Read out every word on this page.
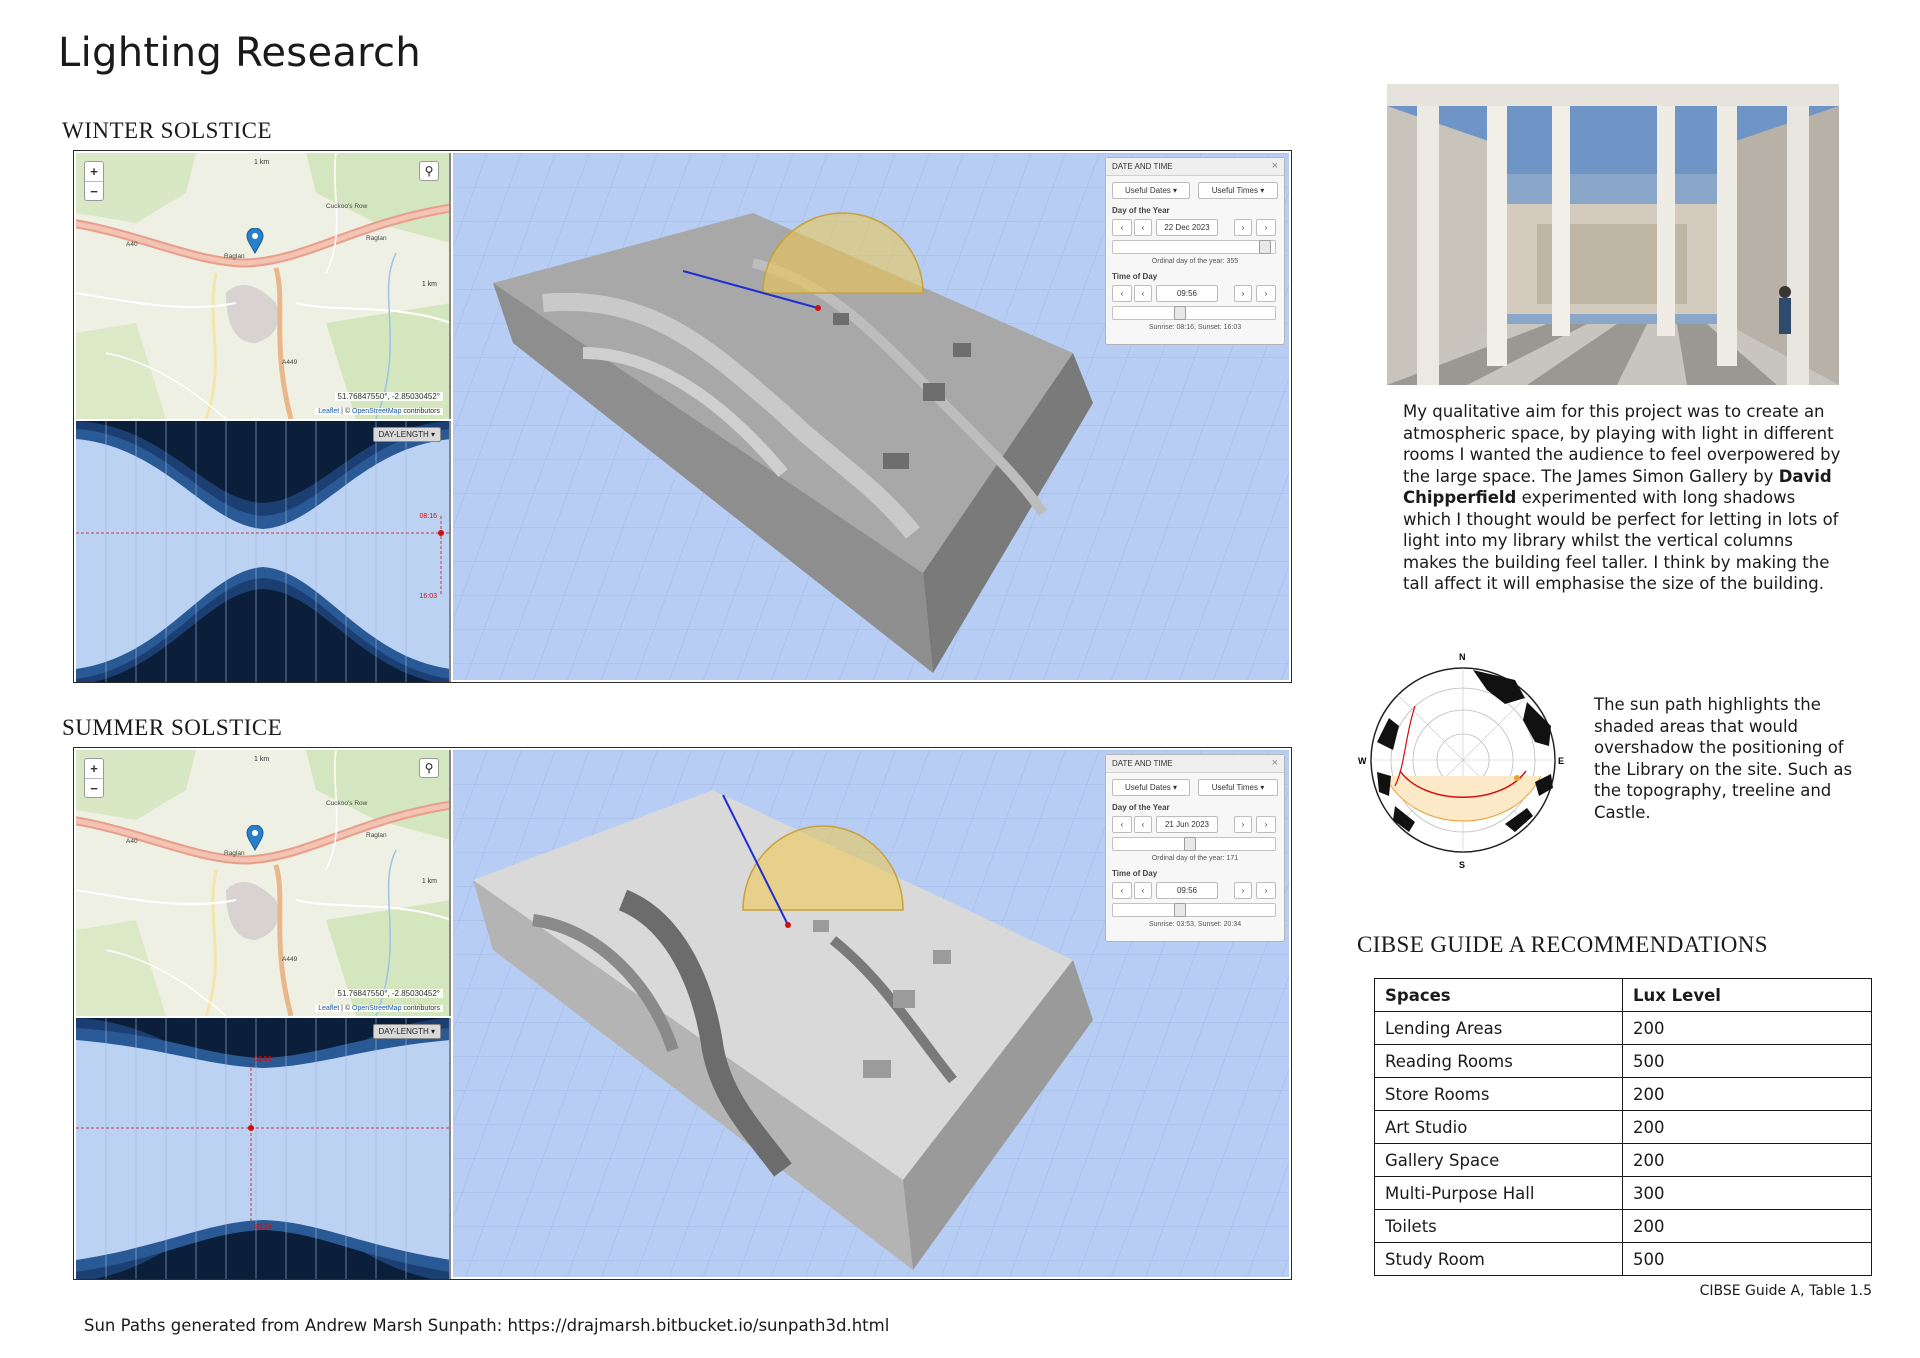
Lighting Research
WINTER SOLSTICE
+
−
⚲
1 km
1 km
Cuckoo's Row
Raglan
A40
A449
Raglan
51.76847550°, -2.85030452°
Leaflet | © OpenStreetMap contributors
DAY-LENGTH ▾
08:16
16:03
DATE AND TIME	×
Useful Dates ▾	Useful Times ▾
Day of the Year
‹	‹	22 Dec 2023	›	›
Ordinal day of the year: 355
Time of Day
‹	‹	09:56	›	›
Sunrise: 08:16, Sunset: 16:03
SUMMER SOLSTICE
+
−
⚲
1 km
1 km
Cuckoo's Row
Raglan
A40
A449
Raglan
51.76847550°, -2.85030452°
Leaflet | © OpenStreetMap contributors
DAY-LENGTH ▾
03:53
20:34
DATE AND TIME	×
Useful Dates ▾	Useful Times ▾
Day of the Year
‹	‹	21 Jun 2023	›	›
Ordinal day of the year: 171
Time of Day
‹	‹	09:56	›	›
Sunrise: 03:53, Sunset: 20:34

My qualitative aim for this project was to create an atmospheric space, by playing with light in different rooms I wanted the audience to feel overpowered by the large space. The James Simon Gallery by David Chipperfield experimented with long shadows which I thought would be perfect for letting in lots of light into my library whilst the vertical columns makes the building feel taller. I think by making the tall affect it will emphasise the size of the building.

N
E
S
W

The sun path highlights the shaded areas that would overshadow the positioning of the Library on the site. Such as the topography, treeline and Castle.

CIBSE GUIDE A RECOMMENDATIONS
Spaces	Lux Level
Lending Areas	200
Reading Rooms	500
Store Rooms	200
Art Studio	200
Gallery Space	200
Multi-Purpose Hall	300
Toilets	200
Study Room	500
CIBSE Guide A, Table 1.5
Sun Paths generated from Andrew Marsh Sunpath: https://drajmarsh.bitbucket.io/sunpath3d.html
